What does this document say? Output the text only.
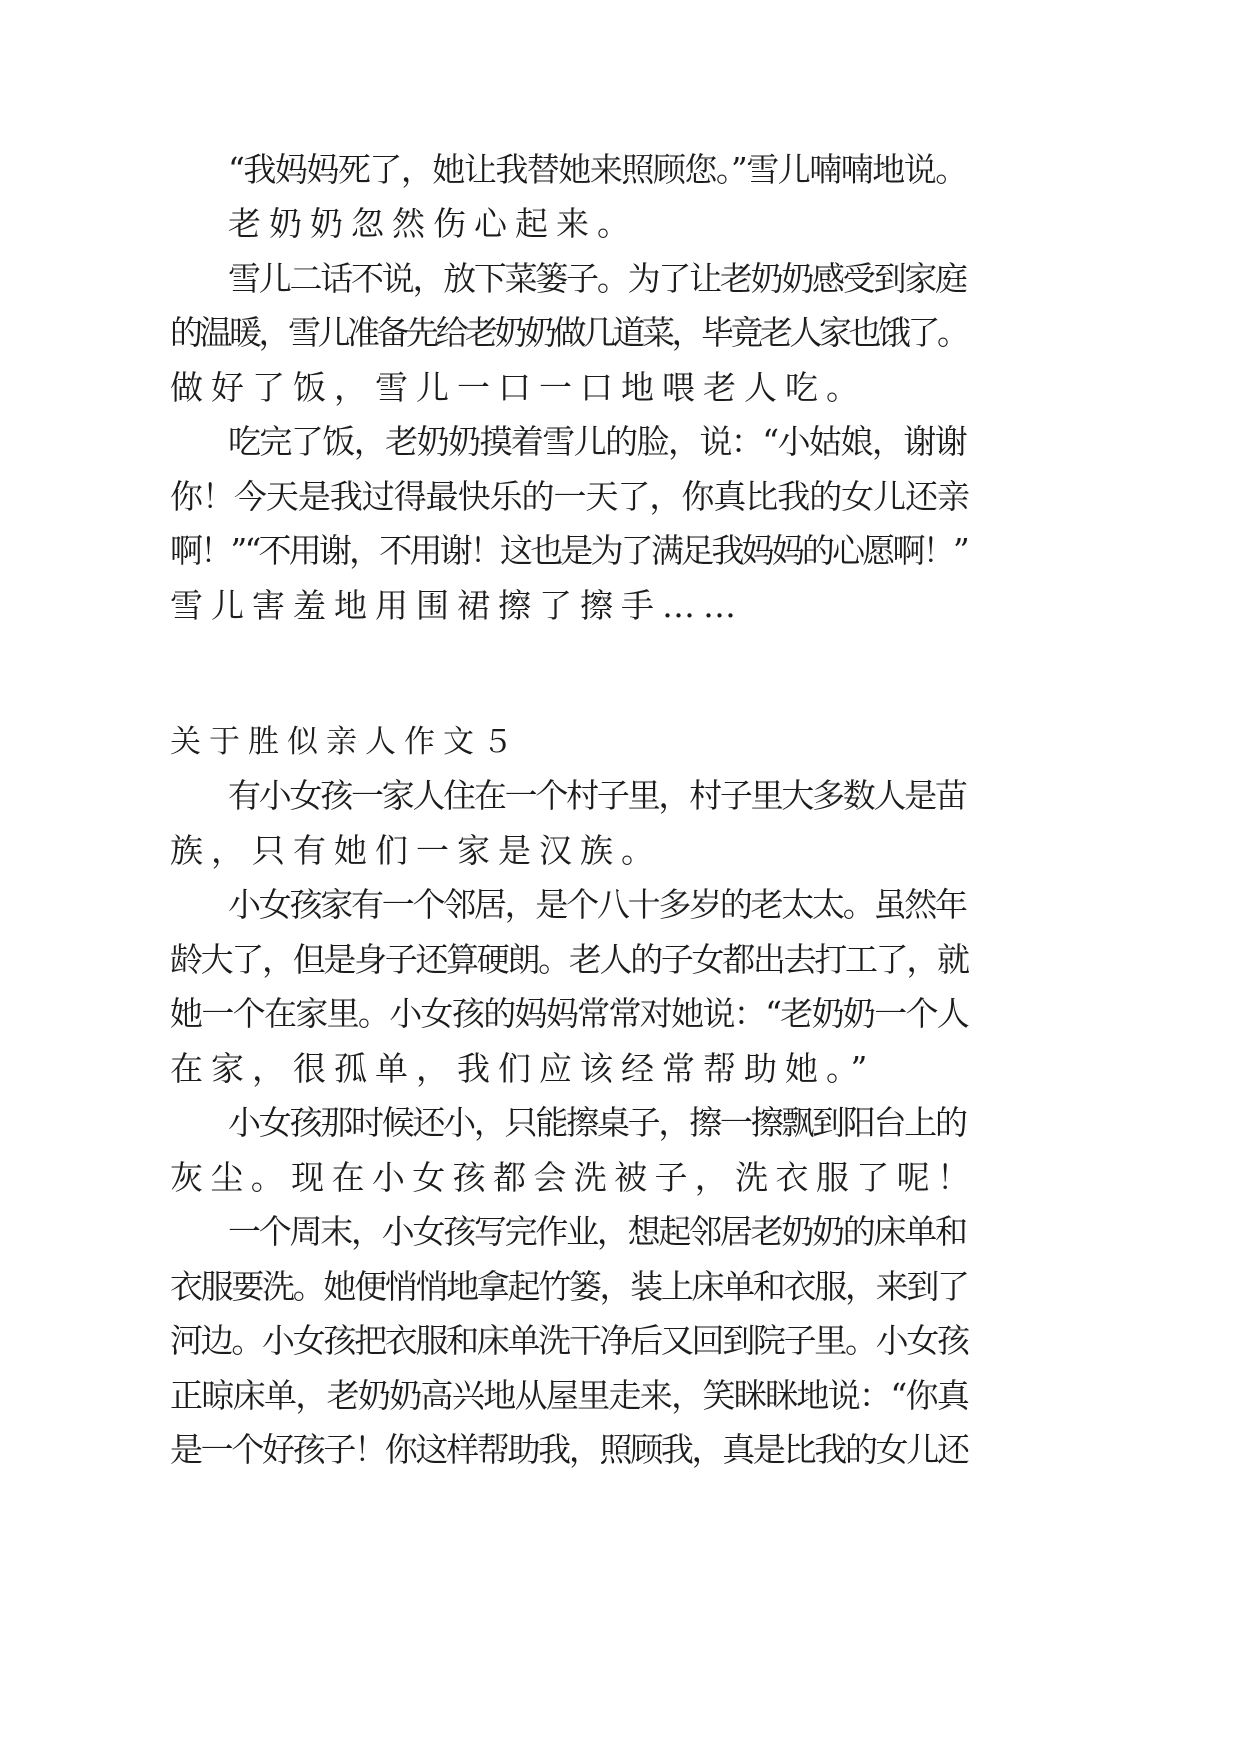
“我妈妈死了，她让我替她来照顾您。”雪儿喃喃地说。
老奶奶忽然伤心起来。
雪儿二话不说，放下菜篓子。为了让老奶奶感受到家庭
的温暖，雪儿准备先给老奶奶做几道菜，毕竟老人家也饿了。
做好了饭，雪儿一口一口地喂老人吃。
吃完了饭，老奶奶摸着雪儿的脸，说：“小姑娘，谢谢
你！今天是我过得最快乐的一天了，你真比我的女儿还亲
啊！”“不用谢，不用谢！这也是为了满足我妈妈的心愿啊！”
雪儿害羞地用围裙擦了擦手……
关于胜似亲人作文５
有小女孩一家人住在一个村子里，村子里大多数人是苗
族，只有她们一家是汉族。
小女孩家有一个邻居，是个八十多岁的老太太。虽然年
龄大了，但是身子还算硬朗。老人的子女都出去打工了，就
她一个在家里。小女孩的妈妈常常对她说：“老奶奶一个人
在家，很孤单，我们应该经常帮助她。”
小女孩那时候还小，只能擦桌子，擦一擦飘到阳台上的
灰尘。现在小女孩都会洗被子，洗衣服了呢！
一个周末，小女孩写完作业，想起邻居老奶奶的床单和
衣服要洗。她便悄悄地拿起竹篓，装上床单和衣服，来到了
河边。小女孩把衣服和床单洗干净后又回到院子里。小女孩
正晾床单，老奶奶高兴地从屋里走来，笑眯眯地说：“你真
是一个好孩子！你这样帮助我，照顾我，真是比我的女儿还
